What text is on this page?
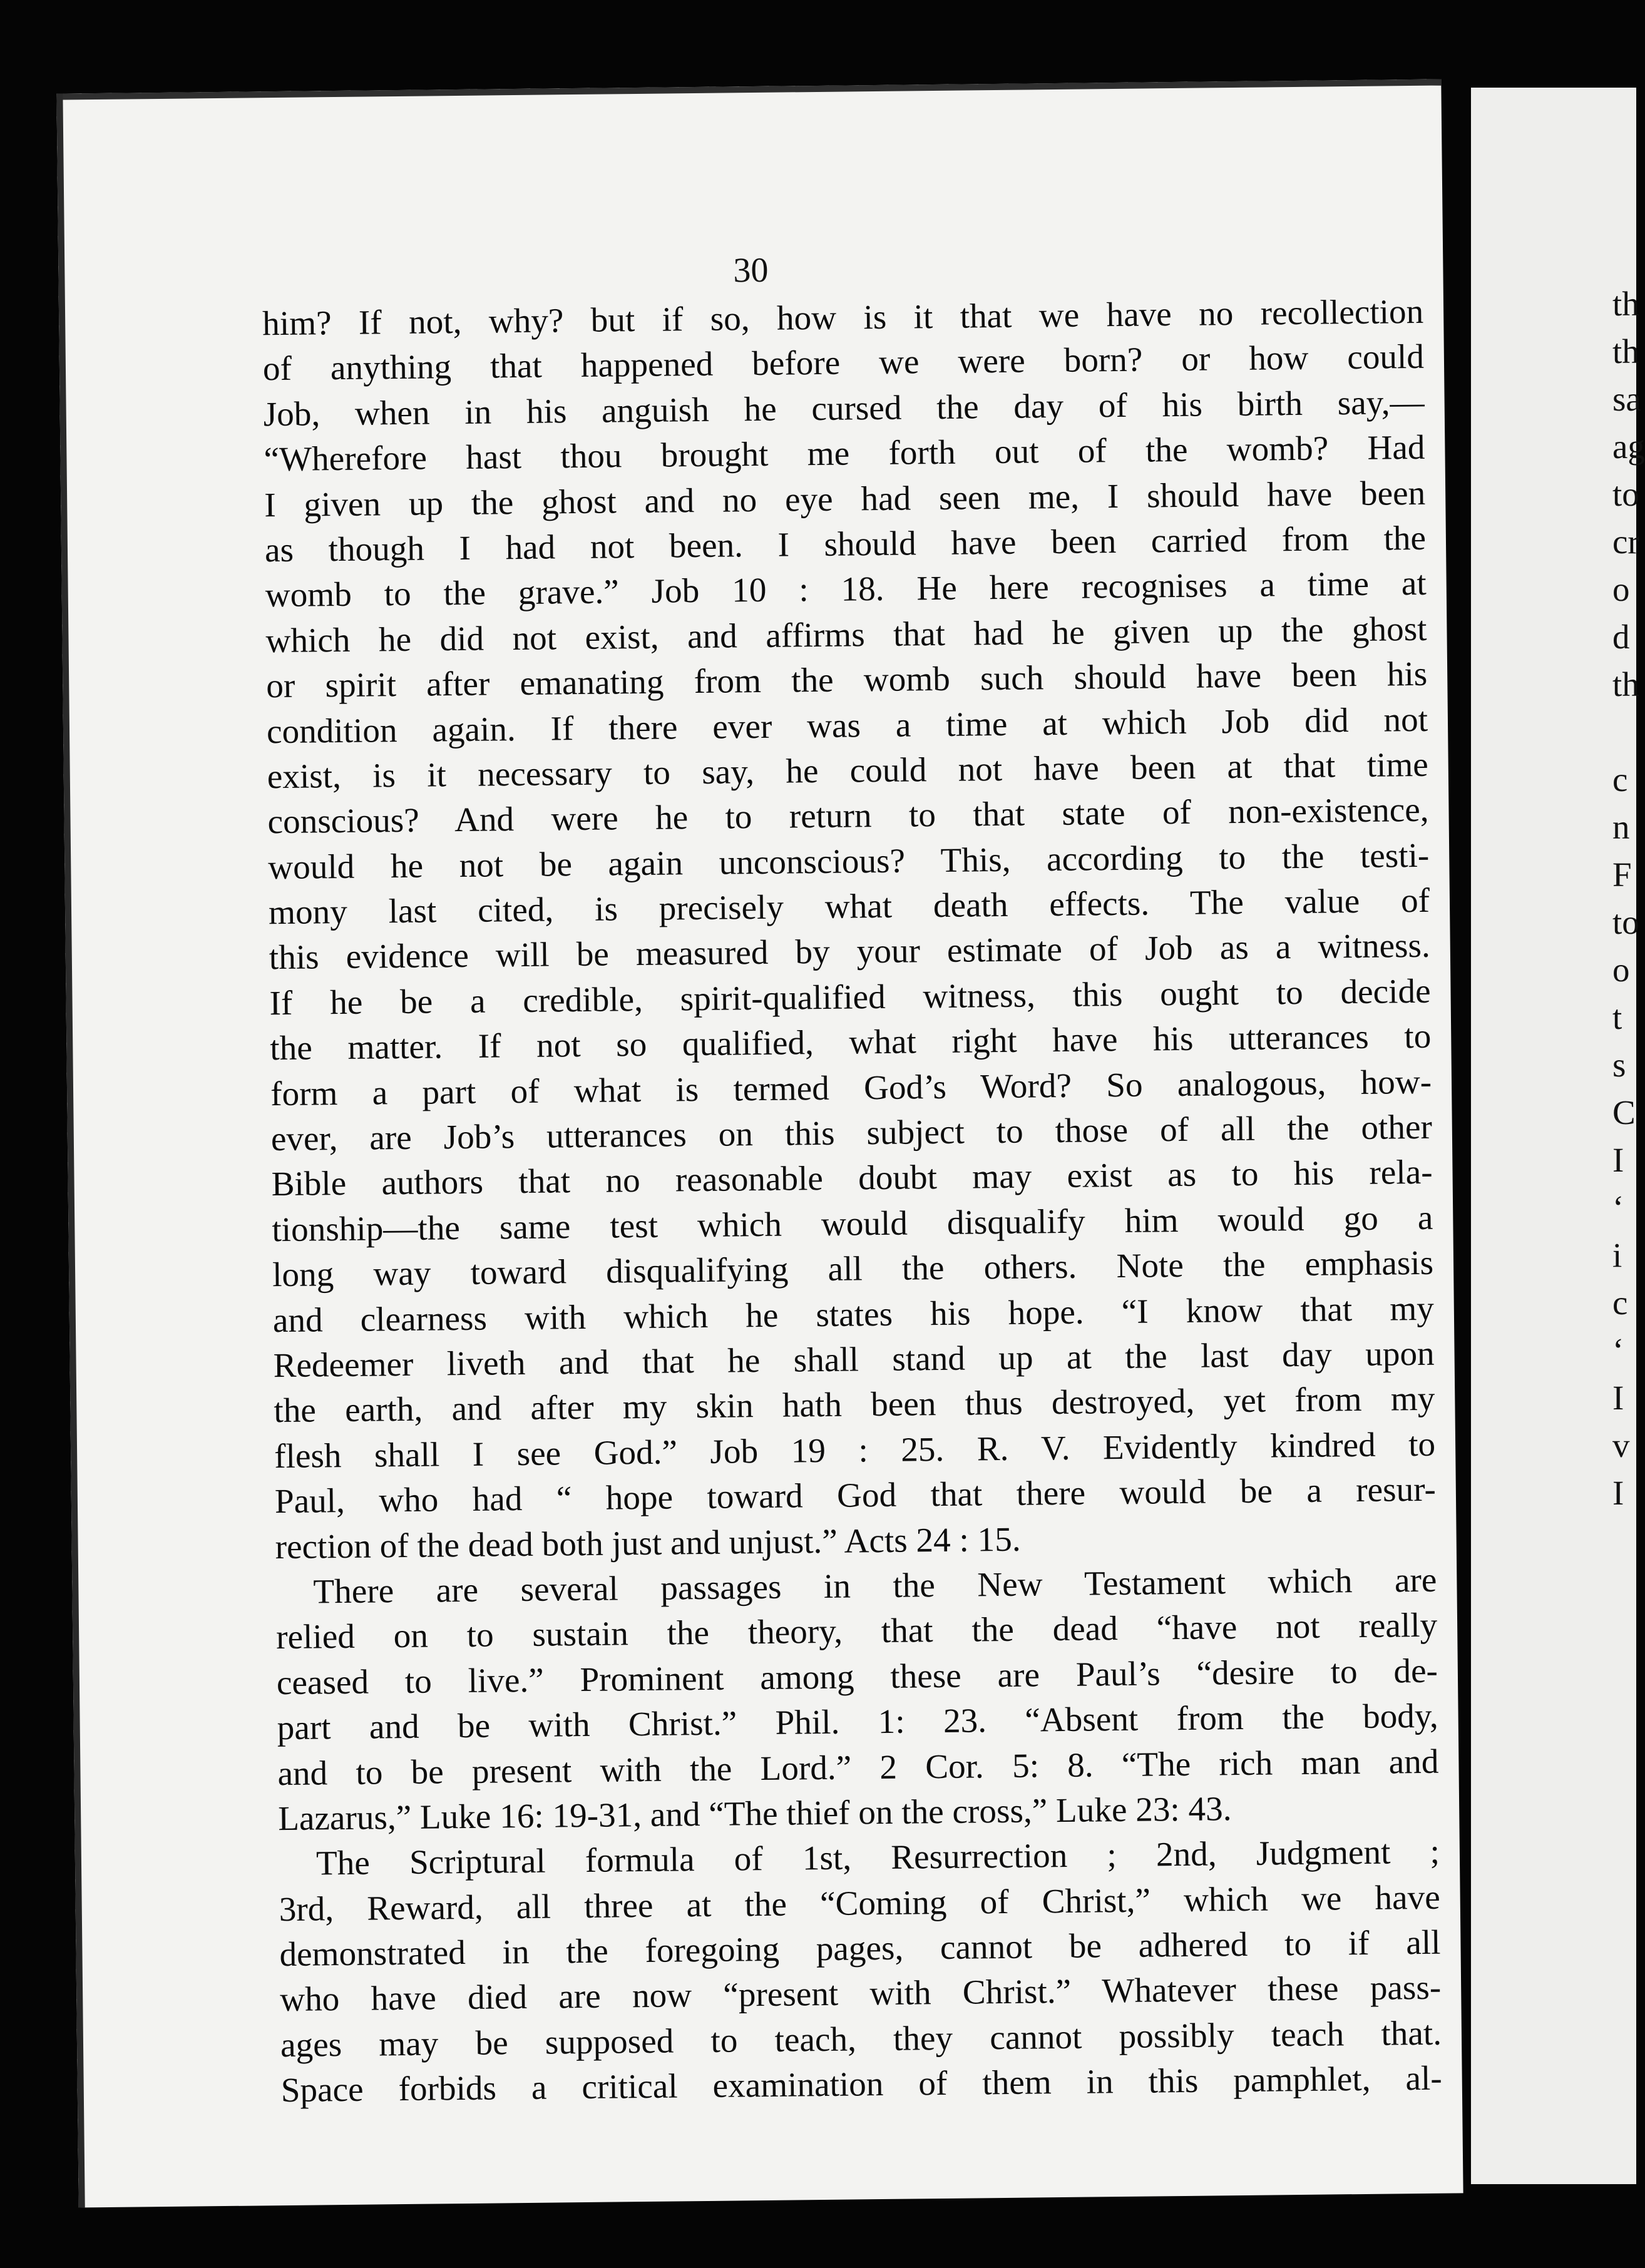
30
him? If not, why? but if so, how is it that we have no recollection
of anything that happened before we were born? or how could
Job, when in his anguish he cursed the day of his birth say,—
“Wherefore hast thou brought me forth out of the womb? Had
I given up the ghost and no eye had seen me, I should have been
as though I had not been. I should have been carried from the
womb to the grave.” Job 10 : 18. He here recognises a time at
which he did not exist, and affirms that had he given up the ghost
or spirit after emanating from the womb such should have been his
condition again. If there ever was a time at which Job did not
exist, is it necessary to say, he could not have been at that time
conscious? And were he to return to that state of non-existence,
would he not be again unconscious? This, according to the testi-
mony last cited, is precisely what death effects. The value of
this evidence will be measured by your estimate of Job as a witness.
If he be a credible, spirit-qualified witness, this ought to decide
the matter. If not so qualified, what right have his utterances to
form a part of what is termed God’s Word? So analogous, how-
ever, are Job’s utterances on this subject to those of all the other
Bible authors that no reasonable doubt may exist as to his rela-
tionship—the same test which would disqualify him would go a
long way toward disqualifying all the others. Note the emphasis
and clearness with which he states his hope. “I know that my
Redeemer liveth and that he shall stand up at the last day upon
the earth, and after my skin hath been thus destroyed, yet from my
flesh shall I see God.” Job 19 : 25. R. V. Evidently kindred to
Paul, who had “ hope toward God that there would be a resur-
rection of the dead both just and unjust.” Acts 24 : 15.
There are several passages in the New Testament which are
relied on to sustain the theory, that the dead “have not really
ceased to live.” Prominent among these are Paul’s “desire to de-
part and be with Christ.” Phil. 1: 23. “Absent from the body,
and to be present with the Lord.” 2 Cor. 5: 8. “The rich man and
Lazarus,” Luke 16: 19-31, and “The thief on the cross,” Luke 23: 43.
The Scriptural formula of 1st, Resurrection ; 2nd, Judgment ;
3rd, Reward, all three at the “Coming of Christ,” which we have
demonstrated in the foregoing pages, cannot be adhered to if all
who have died are now “present with Christ.” Whatever these pass-
ages may be supposed to teach, they cannot possibly teach that.
Space forbids a critical examination of them in this pamphlet, al-
th
th
sa
ag
to
cr
o
d
th
c
n
F
to
o
t
s
C
I
‘
i
c
‘
I
v
I
